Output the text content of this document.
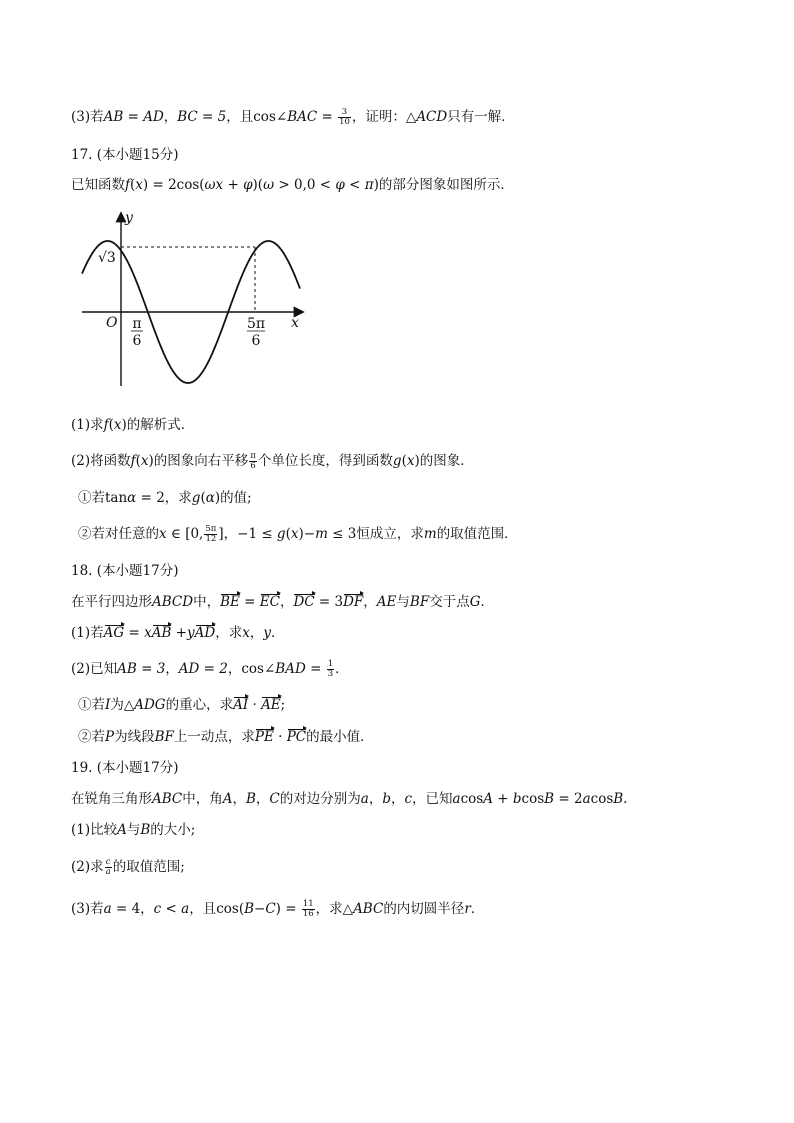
(3)若AB = AD，BC = 5，且cos∠BAC = $\frac{3}{10}$ ，证明：△ACD只有一解．
17. (本小题15分)
已知函数f(x) = 2cos(ωx + φ)(ω > 0,0 < φ < π)的部分图象如图所示．
y
x
O
√3
π
6
5π
6
(1)求f(x)的解析式．
(2)将函数f(x)的图象向右平移 $\frac{\pi}{6}$ 个单位长度，得到函数g(x)的图象．
①若tanα = 2，求g(α)的值;
②若对任意的x ∈ [0, $\frac{5\pi}{12}$ ]，−1 ≤ g(x)−m ≤ 3恒成立，求m的取值范围．
18. (本小题17分)
在平行四边形ABCD中，BE = EC，DC = 3DF，AE与BF交于点G．
(1)若AG = xAB +yAD，求x，y．
(2)已知AB = 3，AD = 2，cos∠BAD = $\frac{1}{3}$ ．
①若I为△ADG的重心，求AI · AE;
②若P为线段BF上一动点，求PE · PC的最小值．
19. (本小题17分)
在锐角三角形ABC中，角A，B，C的对边分别为a，b，c，已知acosA + bcosB = 2acosB.
(1)比较A与B的大小;
(2)求 $\frac{c}{a}$ 的取值范围;
(3)若a = 4，c < a，且$\cos(B-C) = \frac{11}{16}$ ，求△ABC的内切圆半径r．
